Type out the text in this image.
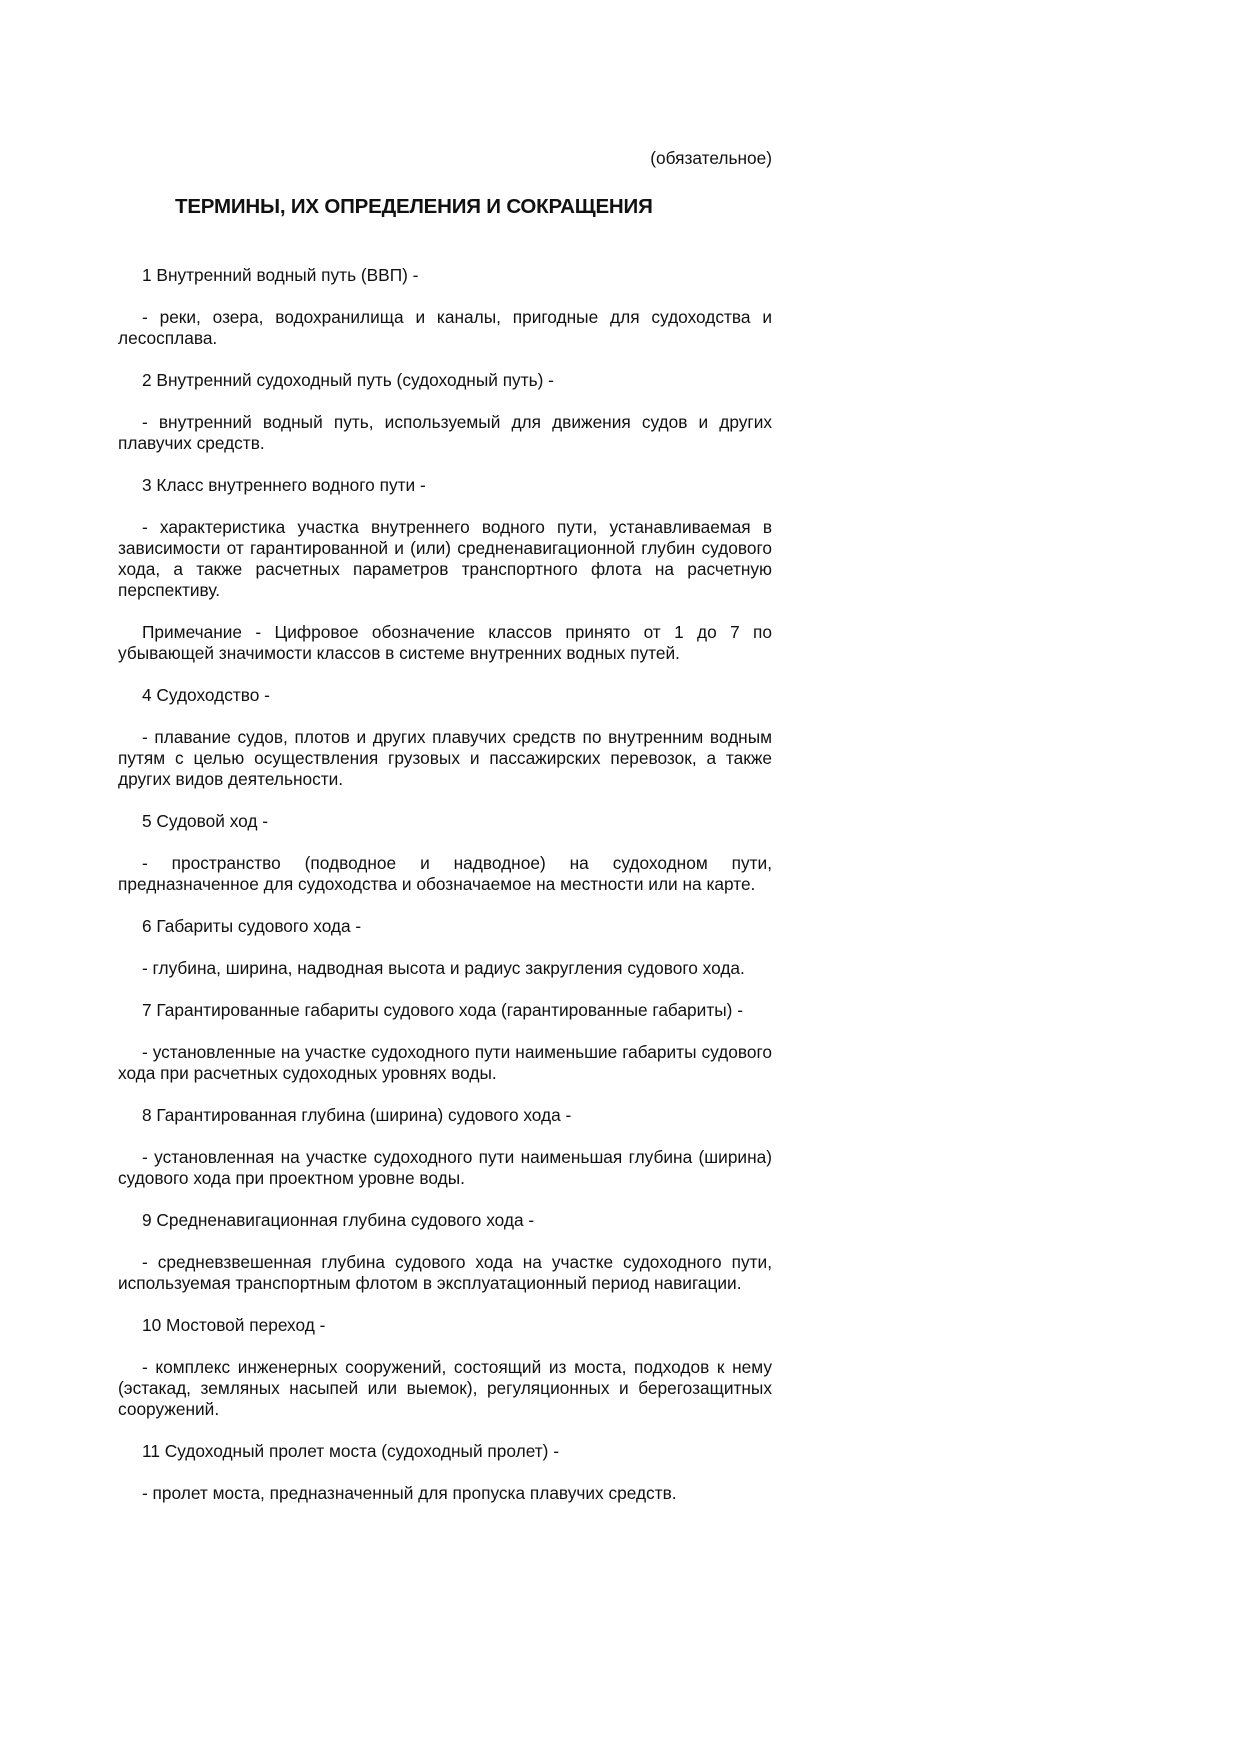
(обязательное)

ТЕРМИНЫ, ИХ ОПРЕДЕЛЕНИЯ И СОКРАЩЕНИЯ

1 Внутренний водный путь (ВВП) -

- реки, озера, водохранилища и каналы, пригодные для судоходства и лесосплава.

2 Внутренний судоходный путь (судоходный путь) -

- внутренний водный путь, используемый для движения судов и других плавучих средств.

3 Класс внутреннего водного пути -

- характеристика участка внутреннего водного пути, устанавливаемая в зависимости от гарантированной и (или) средненавигационной глубин судового хода, а также расчетных параметров транспортного флота на расчетную перспективу.

Примечание - Цифровое обозначение классов принято от 1 до 7 по убывающей значимости классов в системе внутренних водных путей.

4 Судоходство -

- плавание судов, плотов и других плавучих средств по внутренним водным путям с целью осуществления грузовых и пассажирских перевозок, а также других видов деятельности.

5 Судовой ход -

- пространство (подводное и надводное) на судоходном пути, предназначенное для судоходства и обозначаемое на местности или на карте.

6 Габариты судового хода -

- глубина, ширина, надводная высота и радиус закругления судового хода.

7 Гарантированные габариты судового хода (гарантированные габариты) -

- установленные на участке судоходного пути наименьшие габариты судового хода при расчетных судоходных уровнях воды.

8 Гарантированная глубина (ширина) судового хода -

- установленная на участке судоходного пути наименьшая глубина (ширина) судового хода при проектном уровне воды.

9 Средненавигационная глубина судового хода -

- средневзвешенная глубина судового хода на участке судоходного пути, используемая транспортным флотом в эксплуатационный период навигации.

10 Мостовой переход -

- комплекс инженерных сооружений, состоящий из моста, подходов к нему (эстакад, земляных насыпей или выемок), регуляционных и берегозащитных сооружений.

11 Судоходный пролет моста (судоходный пролет) -

- пролет моста, предназначенный для пропуска плавучих средств.
